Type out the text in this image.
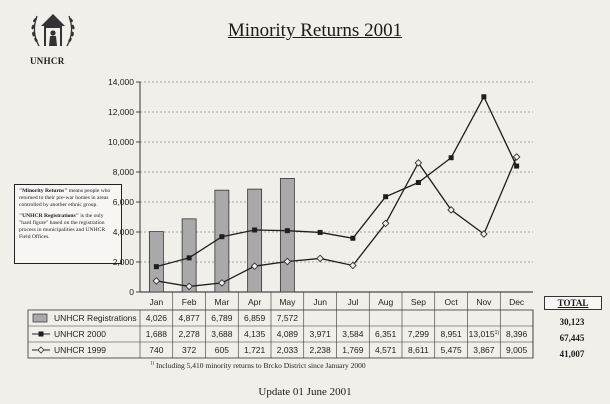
UNHCR
Minority Returns 2001

"Minority Returns" means people who returned to their pre-war homes in areas controlled by another ethnic group.

"UNHCR Registrations" is the only "hard figure" based on the registration process in municipalities and UNHCR Field Offices.

0
2,000
4,000
6,000
8,000
10,000
12,000
14,000
Jan Feb Mar Apr May Jun Jul Aug Sep Oct Nov Dec
UNHCR Registrations 4,026 4,877 6,789 6,859 7,572
UNHCR 2000	1,688 2,278 3,688 4,135 4,089 3,971 3,584 6,351 7,299 8,951 13,015$^{1)}$ 8,396
UNHCR 1999	740 372 605 1,721 2,033 2,238 1,769 4,571 8,611 5,475 3,867 9,005
TOTAL
30,123
67,445
41,007
$^{1)}$ Including 5,410 minority returns to Brcko District since January 2000
Update 01 June 2001
